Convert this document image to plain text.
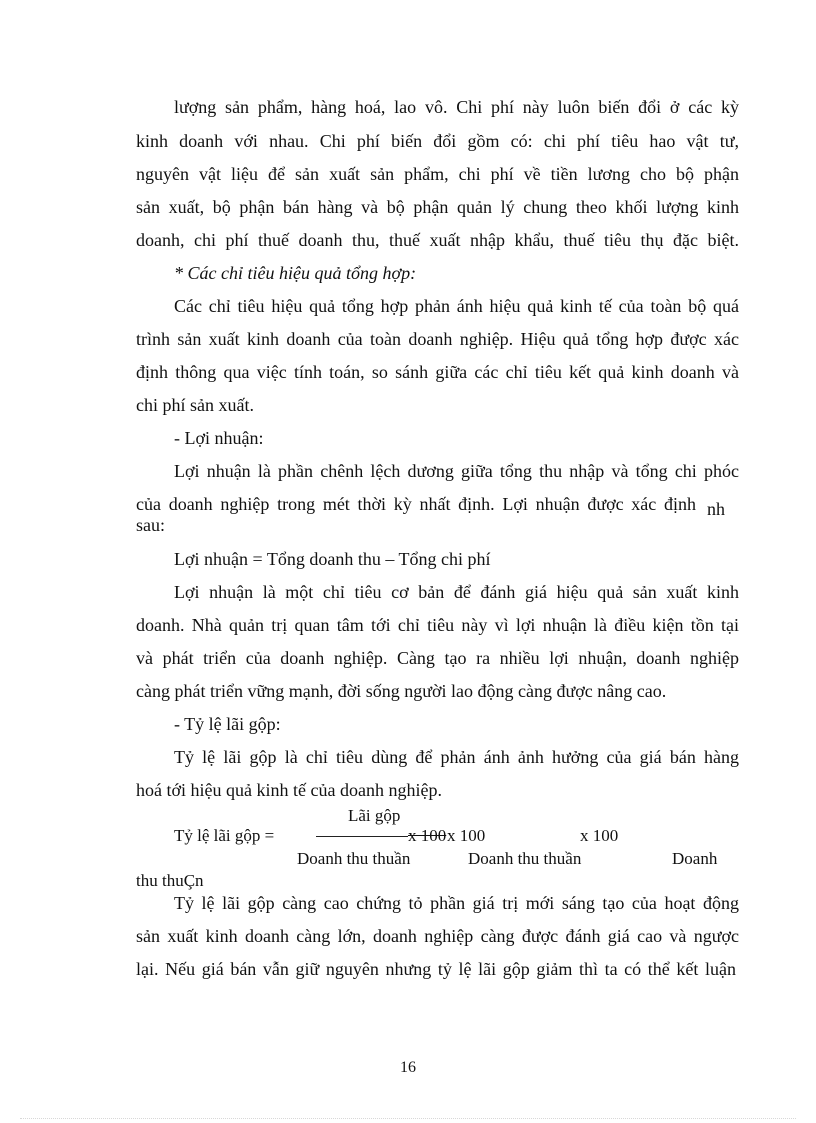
lượng sản phẩm, hàng hoá, lao vô. Chi phí này luôn biến đổi ở các kỳ
kinh doanh với nhau. Chi phí biến đổi gồm có: chi phí tiêu hao vật tư,
nguyên vật liệu để sản xuất sản phẩm, chi phí về tiền lương cho bộ phận
sản xuất, bộ phận bán hàng và bộ phận quản lý chung theo khối lượng kinh
doanh, chi phí thuế doanh thu, thuế xuất nhập khẩu, thuế tiêu thụ đặc biệt.
* Các chỉ tiêu hiệu quả tổng hợp:
Các chỉ tiêu hiệu quả tổng hợp phản ánh hiệu quả kinh tế của toàn bộ quá
trình sản xuất kinh doanh của toàn doanh nghiệp. Hiệu quả tổng hợp được xác
định thông qua việc tính toán, so sánh giữa các chỉ tiêu kết quả kinh doanh và
chi phí sản xuất.
- Lợi nhuận:
Lợi nhuận là phần chênh lệch dương giữa tổng thu nhập và tổng chi phóc
của doanh nghiệp trong mét thời kỳ nhất định. Lợi nhuận được xác định nh
sau:
Lợi nhuận = Tổng doanh thu – Tổng chi phí
Lợi nhuận là một chỉ tiêu cơ bản để đánh giá hiệu quả sản xuất kinh
doanh. Nhà quản trị quan tâm tới chỉ tiêu này vì lợi nhuận là điều kiện tồn tại
và phát triển của doanh nghiệp. Càng tạo ra nhiều lợi nhuận, doanh nghiệp
càng phát triển vững mạnh, đời sống người lao động càng được nâng cao.
- Tỷ lệ lãi gộp:
Tỷ lệ lãi gộp là chỉ tiêu dùng để phản ánh ảnh hưởng của giá bán hàng
hoá tới hiệu quả kinh tế của doanh nghiệp.
Lãi gộp
Tỷ lệ lãi gộp =	x 100 x 100	x 100
Doanh thu thuần	Doanh thu thuần	Doanh
thu thuÇn
Tỷ lệ lãi gộp càng cao chứng tỏ phần giá trị mới sáng tạo của hoạt động
sản xuất kinh doanh càng lớn, doanh nghiệp càng được đánh giá cao và ngược
lại. Nếu giá bán vẫn giữ nguyên nhưng tỷ lệ lãi gộp giảm thì ta có thể kết luận
16
